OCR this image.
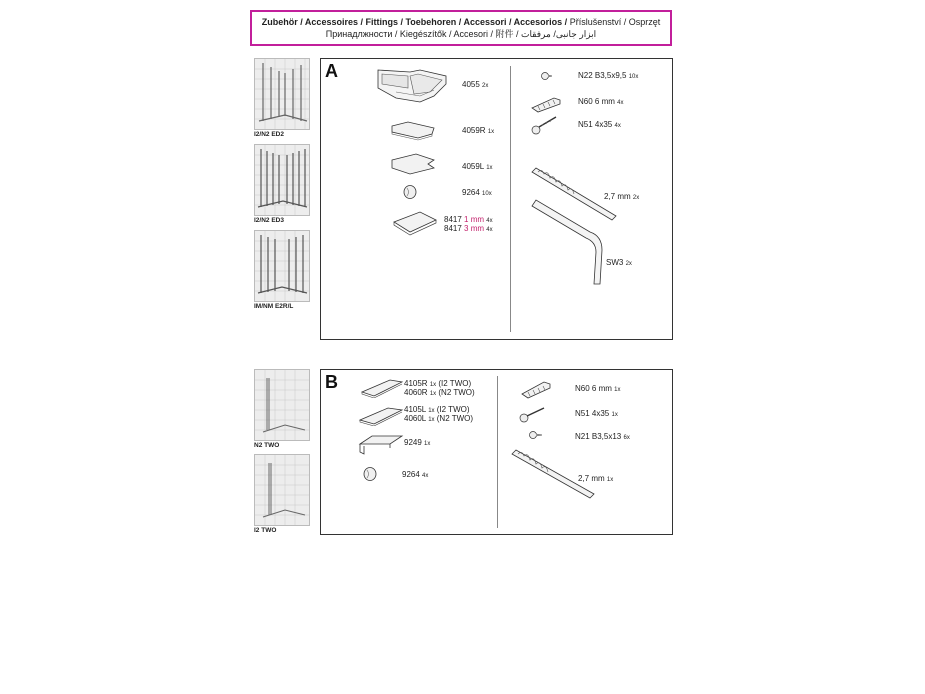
Zubehör / Accessoires / Fittings / Toebehoren / Accessori / Accesorios / Příslušenství / Osprzęt
Принадлжности / Kiegészítők / Accesori / 附件 / ابزار جانبی/ مرفقات
I2/N2 ED2
I2/N2 ED3
IM/NM E2R/L
N2 TWO
I2 TWO
A
4055 2x
4059R 1x
4059L 1x
9264 10x
8417 1 mm 4x
8417 3 mm 4x
N22 B3,5x9,5 10x
N60 6 mm 4x
N51 4x35 4x
2,7 mm 2x
SW3 2x
B	4105R 1x (I2 TWO)
4060R 1x (N2 TWO)
4105L 1x (I2 TWO)
4060L 1x (N2 TWO)
9249 1x
9264 4x
N60 6 mm 1x
N51 4x35 1x
N21 B3,5x13 6x
2,7 mm 1x
